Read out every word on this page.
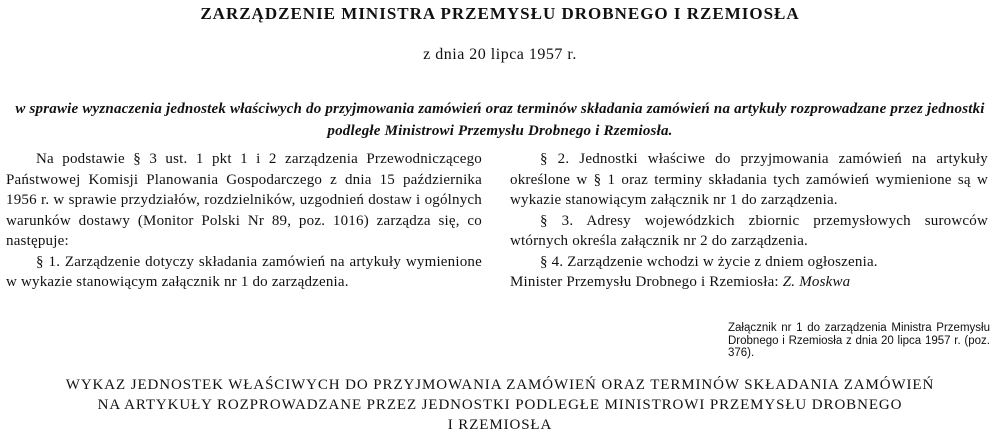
ZARZĄDZENIE MINISTRA PRZEMYSŁU DROBNEGO I RZEMIOSŁA
z dnia 20 lipca 1957 r.
w sprawie wyznaczenia jednostek właściwych do przyjmowania zamówień oraz terminów składania zamówień na artykuły rozprowadzane przez jednostki podległe Ministrowi Przemysłu Drobnego i Rzemiosła.

Na podstawie § 3 ust. 1 pkt 1 i 2 zarządzenia Przewodniczącego Państwowej Komisji Planowania Gospodarczego z dnia 15 października 1956 r. w sprawie przydziałów, rozdzielników, uzgodnień dostaw i ogólnych warunków dostawy (Monitor Polski Nr 89, poz. 1016) zarządza się, co następuje:

§ 1. Zarządzenie dotyczy składania zamówień na artykuły wymienione w wykazie stanowiącym załącznik nr 1 do zarządzenia.

§ 2. Jednostki właściwe do przyjmowania zamówień na artykuły określone w § 1 oraz terminy składania tych zamówień wymienione są w wykazie stanowiącym załącznik nr 1 do zarządzenia.

§ 3. Adresy wojewódzkich zbiornic przemysłowych surowców wtórnych określa załącznik nr 2 do zarządzenia.

§ 4. Zarządzenie wchodzi w życie z dniem ogłoszenia.

Minister Przemysłu Drobnego i Rzemiosła: Z. Moskwa

Załącznik nr 1 do zarządzenia Ministra Przemysłu Drobnego i Rzemiosła z dnia 20 lipca 1957 r. (poz. 376).
WYKAZ JEDNOSTEK WŁAŚCIWYCH DO PRZYJMOWANIA ZAMÓWIEŃ ORAZ TERMINÓW SKŁADANIA ZAMÓWIEŃ
NA ARTYKUŁY ROZPROWADZANE PRZEZ JEDNOSTKI PODLEGŁE MINISTROWI PRZEMYSŁU DROBNEGO
I RZEMIOSŁA
